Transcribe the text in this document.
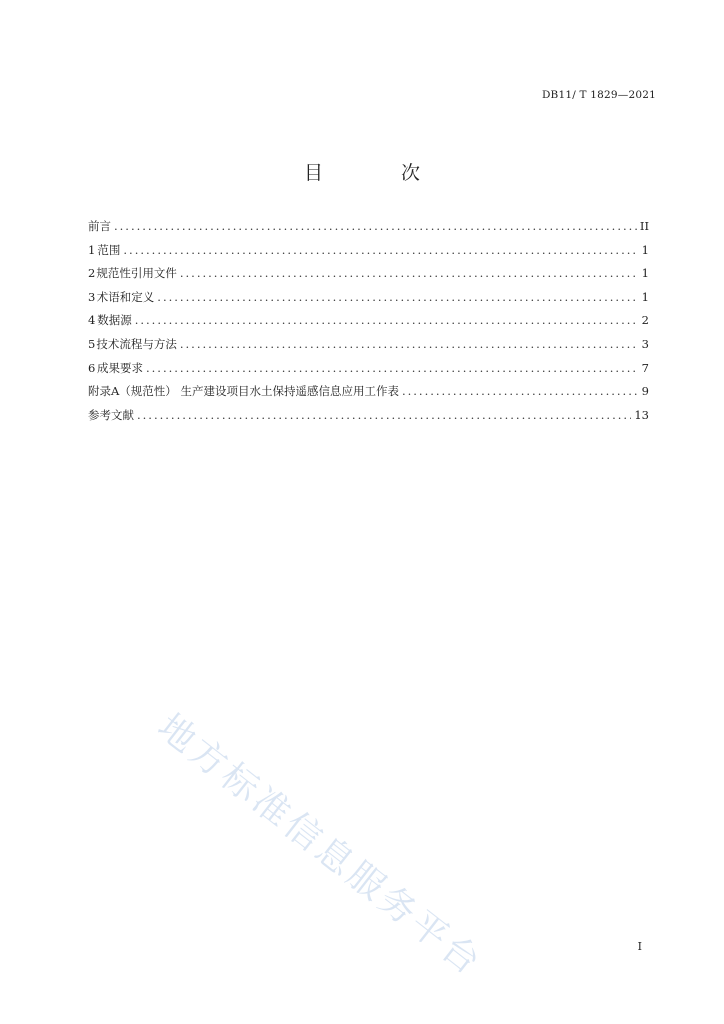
DB11/ T 1829—2021
目 次
前言 .....	II
1 范围 .....	1
2 规范性引用文件 .....	1
3 术语和定义 .....	1
4 数据源 .....	2
5 技术流程与方法 .....	3
6 成果要求 .....	7
附录A（规范性） 生产建设项目水土保持遥感信息应用工作表 .....	9
参考文献 .....	13
地方标准信息服务平台	I
